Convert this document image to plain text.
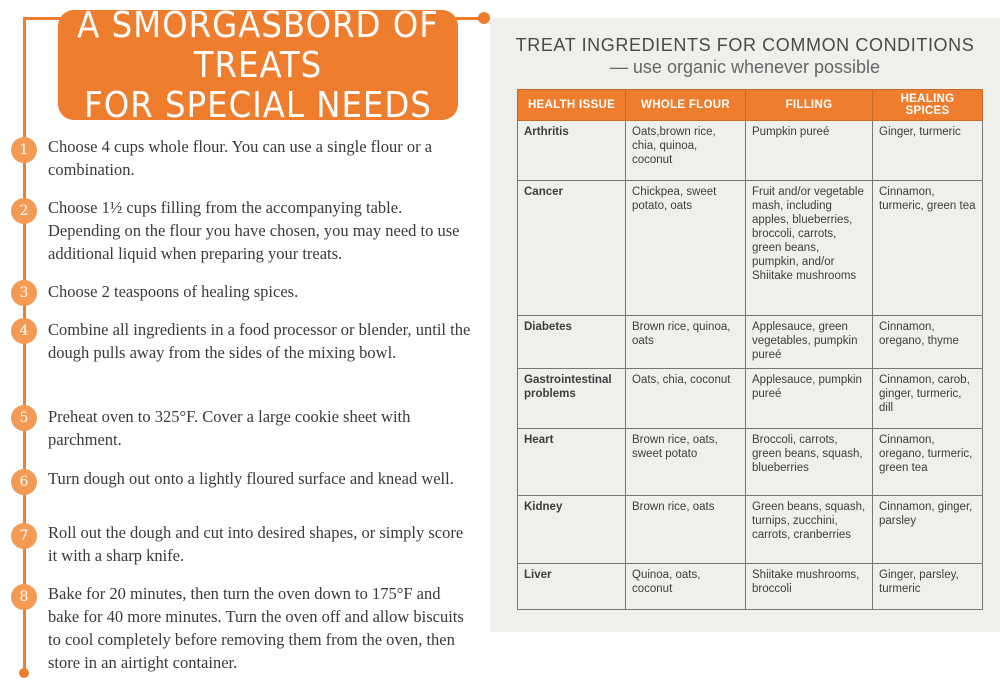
A SMORGASBORD OF TREATS
FOR SPECIAL NEEDS
1	Choose 4 cups whole flour. You can use a single flour or a combination.
2	Choose 1½ cups filling from the accompanying table. Depending on the flour you have chosen, you may need to use additional liquid when preparing your treats.
3	Choose 2 teaspoons of healing spices.
4	Combine all ingredients in a food processor or blender, until the dough pulls away from the sides of the mixing bowl.
5	Preheat oven to 325°F. Cover a large cookie sheet with parchment.
6	Turn dough out onto a lightly floured surface and knead well.
7	Roll out the dough and cut into desired shapes, or simply score it with a sharp knife.
8	Bake for 20 minutes, then turn the oven down to 175°F and bake for 40 more minutes. Turn the oven off and allow biscuits to cool completely before removing them from the oven, then store in an airtight container.
TREAT INGREDIENTS FOR COMMON CONDITIONS
— use organic whenever possible
HEALTH ISSUE	WHOLE FLOUR	FILLING	HEALING SPICES
Arthritis	Oats,brown rice, chia, quinoa, coconut	Pumpkin pureé	Ginger, turmeric
Cancer	Chickpea, sweet potato, oats	Fruit and/or vegetable mash, including apples, blueberries, broccoli, carrots, green beans, pumpkin, and/or Shiitake mushrooms	Cinnamon, turmeric, green tea
Diabetes	Brown rice, quinoa, oats	Applesauce, green vegetables, pumpkin pureé	Cinnamon, oregano, thyme
Gastrointestinal problems	Oats, chia, coconut	Applesauce, pumpkin pureé	Cinnamon, carob, ginger, turmeric, dill
Heart	Brown rice, oats, sweet potato	Broccoli, carrots, green beans, squash, blueberries	Cinnamon, oregano, turmeric, green tea
Kidney	Brown rice, oats	Green beans, squash, turnips, zucchini, carrots, cranberries	Cinnamon, ginger, parsley
Liver	Quinoa, oats, coconut	Shiitake mushrooms, broccoli	Ginger, parsley, turmeric
